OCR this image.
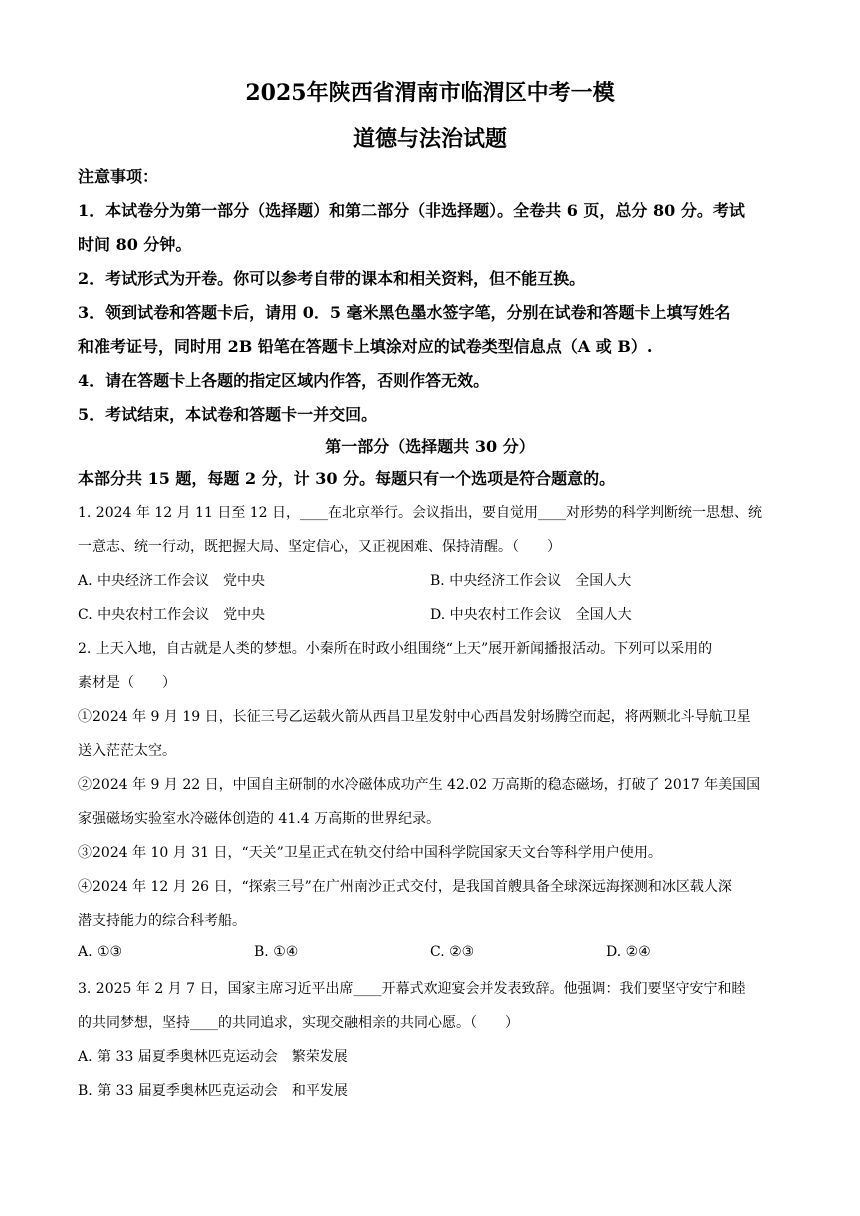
2025年陕西省渭南市临渭区中考一模
道德与法治试题
注意事项：
1．本试卷分为第一部分（选择题）和第二部分（非选择题）。全卷共 6 页，总分 80 分。考试
时间 80 分钟。
2．考试形式为开卷。你可以参考自带的课本和相关资料，但不能互换。
3．领到试卷和答题卡后，请用 0．5 毫米黑色墨水签字笔，分别在试卷和答题卡上填写姓名
和准考证号，同时用 2B 铅笔在答题卡上填涂对应的试卷类型信息点（A 或 B）.
4．请在答题卡上各题的指定区域内作答，否则作答无效。
5．考试结束，本试卷和答题卡一并交回。
第一部分（选择题共 30 分）
本部分共 15 题，每题 2 分，计 30 分。每题只有一个选项是符合题意的。
1. 2024 年 12 月 11 日至 12 日，____在北京举行。会议指出，要自觉用____对形势的科学判断统一思想、统
一意志、统一行动，既把握大局、坚定信心，又正视困难、保持清醒。（　　）
A. 中央经济工作会议　党中央	B. 中央经济工作会议　全国人大
C. 中央农村工作会议　党中央	D. 中央农村工作会议　全国人大
2. 上天入地，自古就是人类的梦想。小秦所在时政小组围绕“上天”展开新闻播报活动。下列可以采用的
素材是（　　）
①2024 年 9 月 19 日，长征三号乙运载火箭从西昌卫星发射中心西昌发射场腾空而起，将两颗北斗导航卫星
送入茫茫太空。
②2024 年 9 月 22 日，中国自主研制的水冷磁体成功产生 42.02 万高斯的稳态磁场，打破了 2017 年美国国
家强磁场实验室水冷磁体创造的 41.4 万高斯的世界纪录。
③2024 年 10 月 31 日，“天关”卫星正式在轨交付给中国科学院国家天文台等科学用户使用。
④2024 年 12 月 26 日，“探索三号”在广州南沙正式交付，是我国首艘具备全球深远海探测和冰区载人深
潜支持能力的综合科考船。
A. ①③	B. ①④	C. ②③	D. ②④
3. 2025 年 2 月 7 日，国家主席习近平出席____开幕式欢迎宴会并发表致辞。他强调：我们要坚守安宁和睦
的共同梦想，坚持____的共同追求，实现交融相亲的共同心愿。（　　）
A. 第 33 届夏季奥林匹克运动会　繁荣发展
B. 第 33 届夏季奥林匹克运动会　和平发展
